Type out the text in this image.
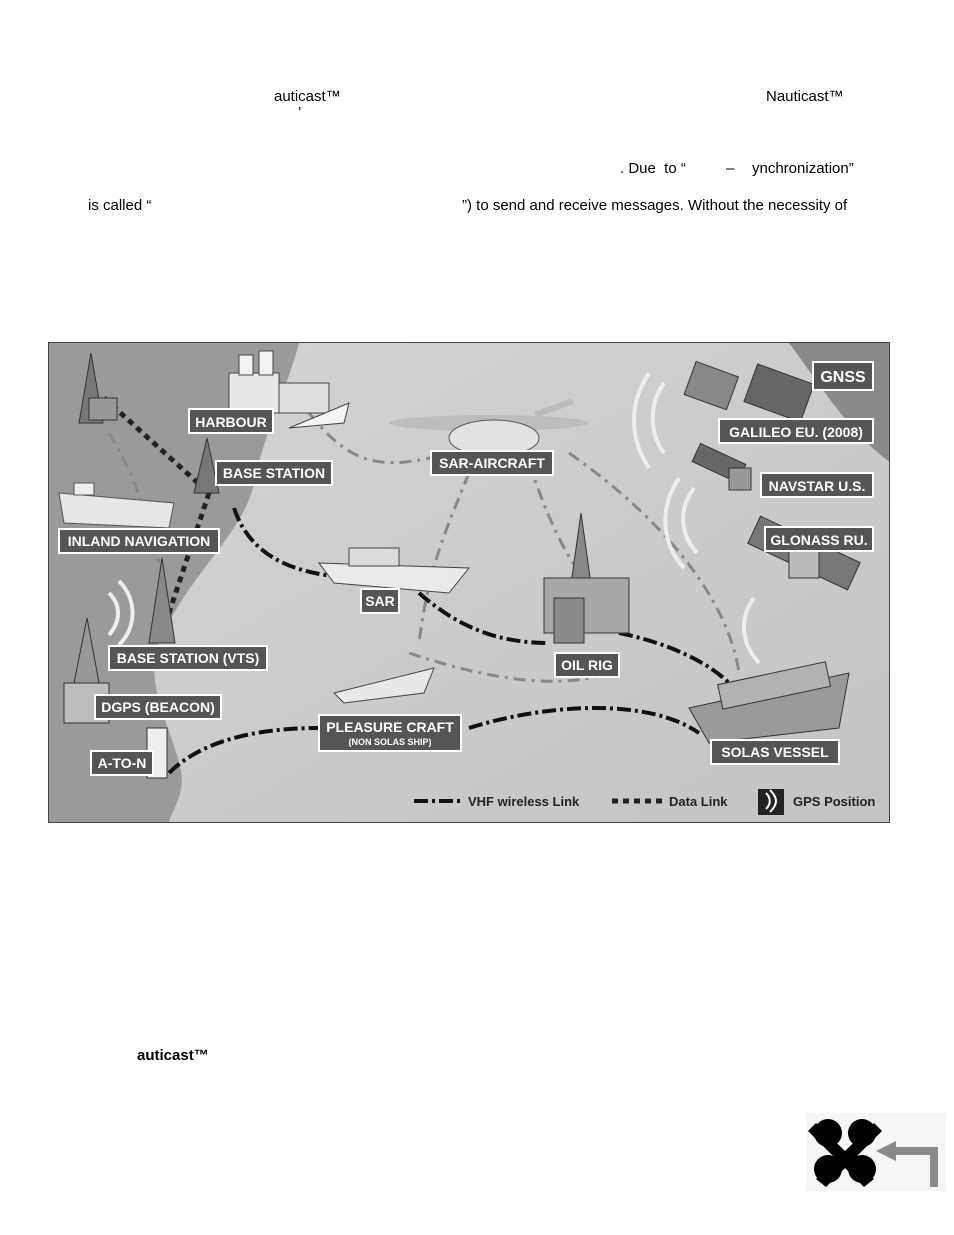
auticast™	Nauticast™
’
. Due  to “	– ynchronization”
is called “	”) to send and receive messages. Without the necessity of
auticast™
HARBOUR
BASE STATION
SAR-AIRCRAFT
GNSS
GALILEO EU. (2008)
NAVSTAR U.S.
GLONASS RU.
INLAND NAVIGATION
SAR
OIL RIG
BASE STATION (VTS)
DGPS (BEACON)
PLEASURE CRAFT
(NON SOLAS SHIP)
SOLAS VESSEL
A-TO-N
VHF wireless Link	Data Link	GPS Position
